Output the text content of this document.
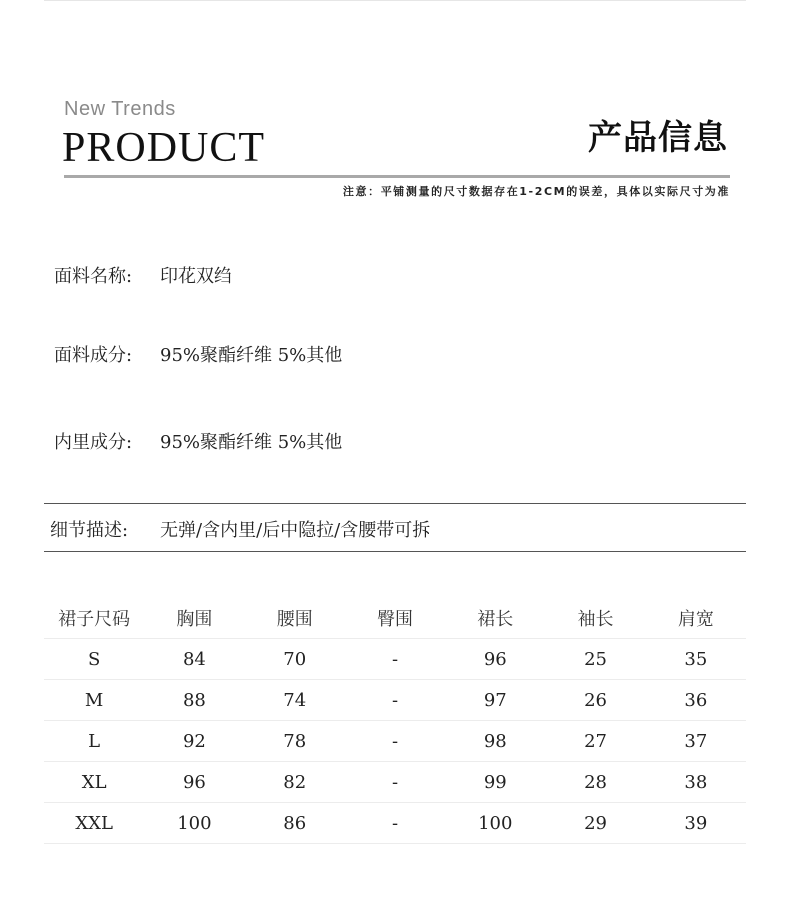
New Trends
PRODUCT	产品信息
注意：平铺测量的尺寸数据存在1-2CM的误差，具体以实际尺寸为准
面料名称: 印花双绉
面料成分: 95%聚酯纤维 5%其他
内里成分: 95%聚酯纤维 5%其他
细节描述: 无弹/含内里/后中隐拉/含腰带可拆
裙子尺码	胸围	腰围	臀围	裙长	袖长	肩宽
S	84	70	-	96	25	35
M	88	74	-	97	26	36
L	92	78	-	98	27	37
XL	96	82	-	99	28	38
XXL	100	86	-	100	29	39
